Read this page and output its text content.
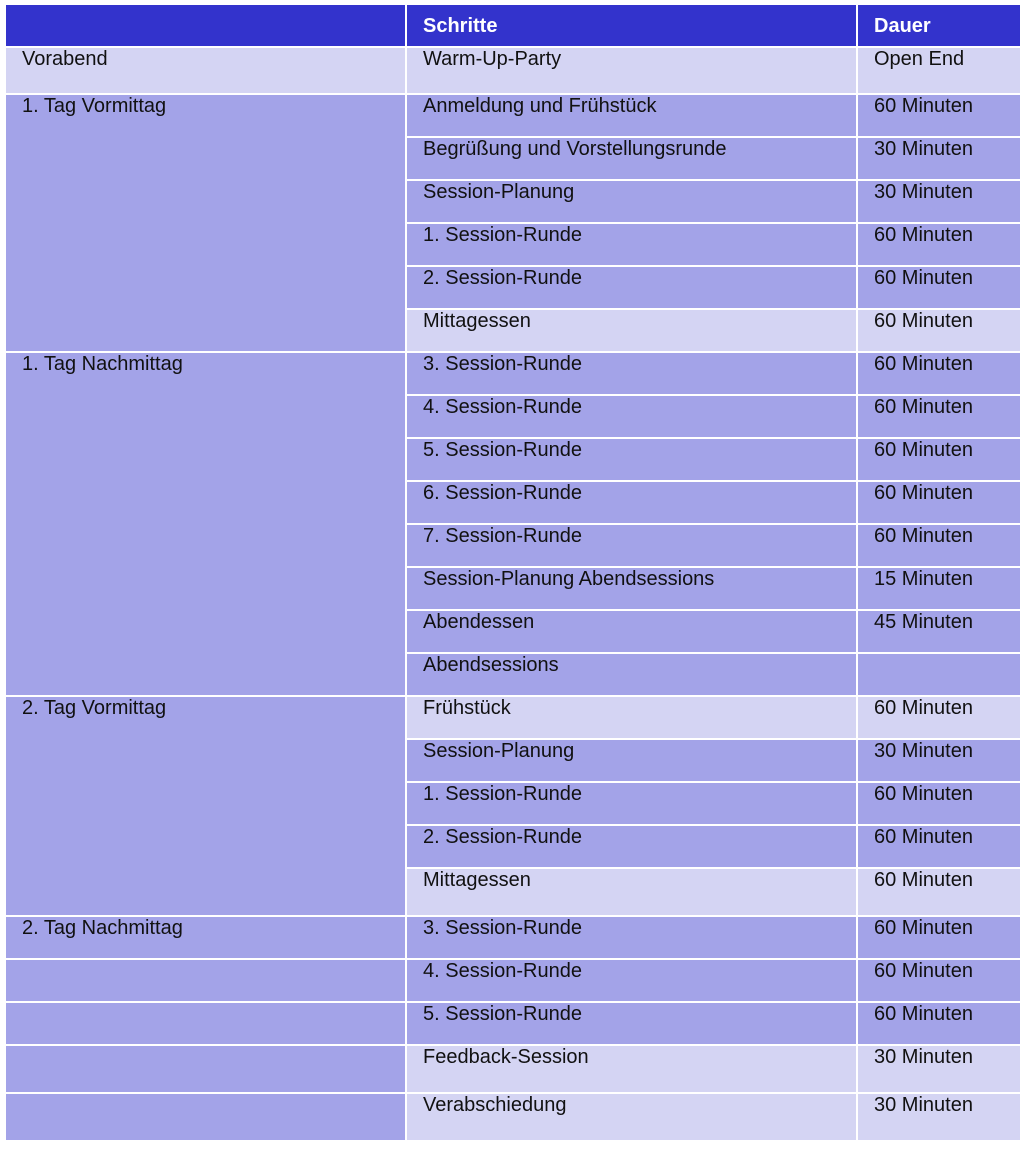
	Schritte	Dauer
Vorabend	Warm-Up-Party	Open End
1. Tag Vormittag	Anmeldung und Frühstück	60 Minuten
	Begrüßung und Vorstellungsrunde	30 Minuten
	Session-Planung	30 Minuten
	1. Session-Runde	60 Minuten
	2. Session-Runde	60 Minuten
	Mittagessen	60 Minuten
1. Tag Nachmittag	3. Session-Runde	60 Minuten
	4. Session-Runde	60 Minuten
	5. Session-Runde	60 Minuten
	6. Session-Runde	60 Minuten
	7. Session-Runde	60 Minuten
	Session-Planung Abendsessions	15 Minuten
	Abendessen	45 Minuten
	Abendsessions	
2. Tag Vormittag	Frühstück	60 Minuten
	Session-Planung	30 Minuten
	1. Session-Runde	60 Minuten
	2. Session-Runde	60 Minuten
	Mittagessen	60 Minuten
2. Tag Nachmittag	3. Session-Runde	60 Minuten
	4. Session-Runde	60 Minuten
	5. Session-Runde	60 Minuten
	Feedback-Session	30 Minuten
	Verabschiedung	30 Minuten
